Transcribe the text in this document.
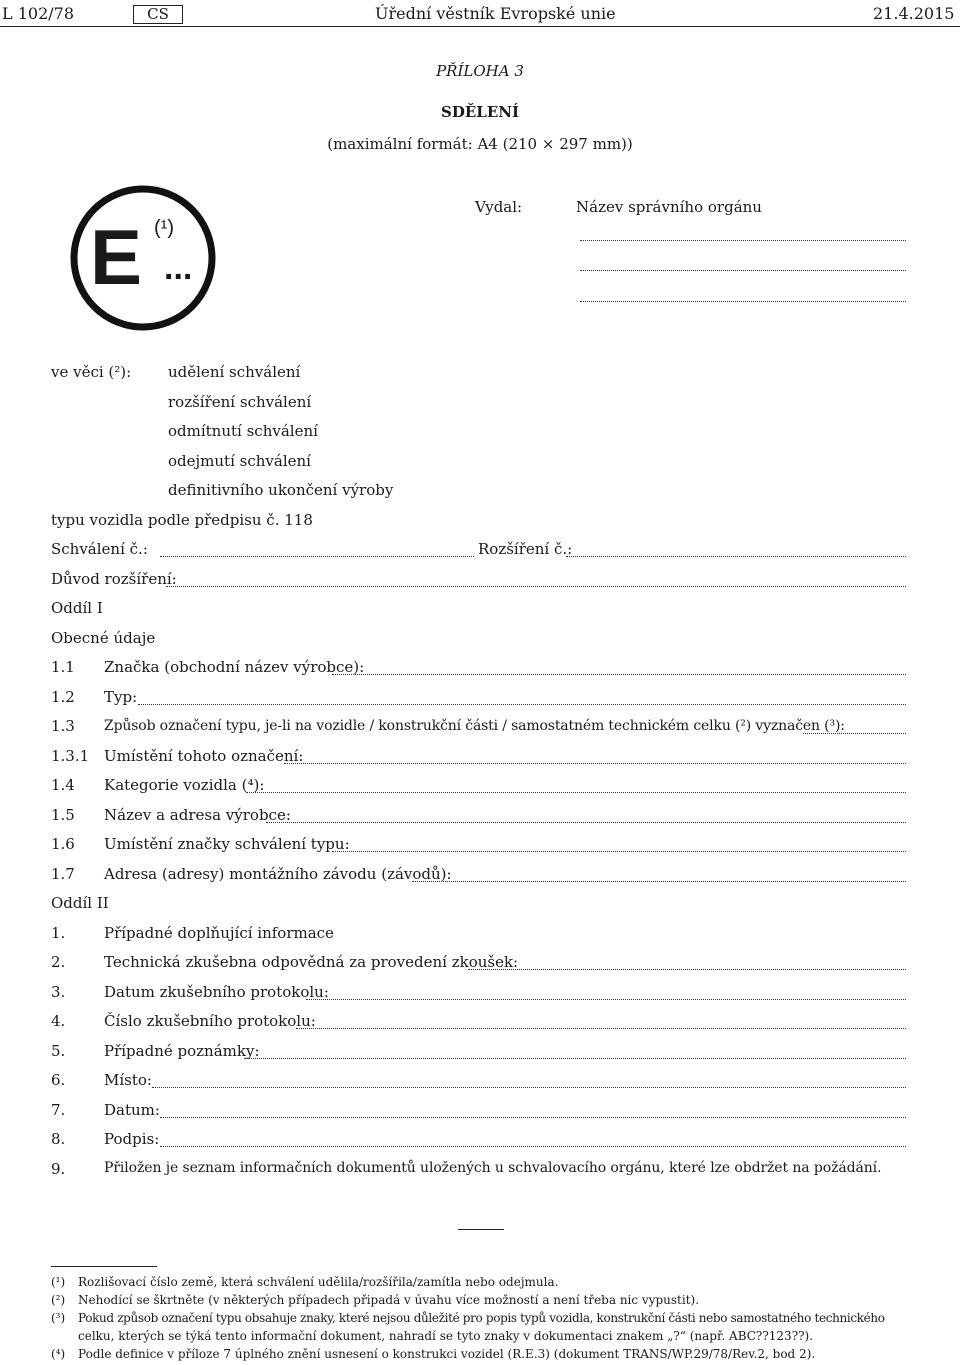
L 102/78	CS	Úřední věstník Evropské unie	21.4.2015
PŘÍLOHA 3
SDĚLENÍ
(maximální formát: A4 (210 × 297 mm))
E ...
(¹)
Vydal:	Název správního orgánu
ve věci (²): udělení schválení
rozšíření schválení
odmítnutí schválení
odejmutí schválení
definitivního ukončení výroby
typu vozidla podle předpisu č. 118
Schválení č.:	Rozšíření č.:
Důvod rozšíření:
Oddíl I
Obecné údaje
1.1 Značka (obchodní název výrobce):
1.2 Typ:
1.3 Způsob označení typu, je-li na vozidle / konstrukční části / samostatném technickém celku (²) vyznačen (³):
1.3.1 Umístění tohoto označení:
1.4 Kategorie vozidla (⁴):
1.5 Název a adresa výrobce:
1.6 Umístění značky schválení typu:
1.7 Adresa (adresy) montážního závodu (závodů):
Oddíl II
1.	Případné doplňující informace
2.	Technická zkušebna odpovědná za provedení zkoušek:
3.	Datum zkušebního protokolu:
4.	Číslo zkušebního protokolu:
5.	Případné poznámky:
6.	Místo:
7.	Datum:
8.	Podpis:
9.	Přiložen je seznam informačních dokumentů uložených u schvalovacího orgánu, které lze obdržet na požádání.
(¹) Rozlišovací číslo země, která schválení udělila/rozšířila/zamítla nebo odejmula.
(²) Nehodící se škrtněte (v některých případech připadá v úvahu více možností a není třeba nic vypustit).
(³) Pokud způsob označení typu obsahuje znaky, které nejsou důležité pro popis typů vozidla, konstrukční části nebo samostatného technického
celku, kterých se týká tento informační dokument, nahradí se tyto znaky v dokumentaci znakem „?“ (např. ABC??123??).
(⁴) Podle definice v příloze 7 úplného znění usnesení o konstrukci vozidel (R.E.3) (dokument TRANS/WP.29/78/Rev.2, bod 2).
